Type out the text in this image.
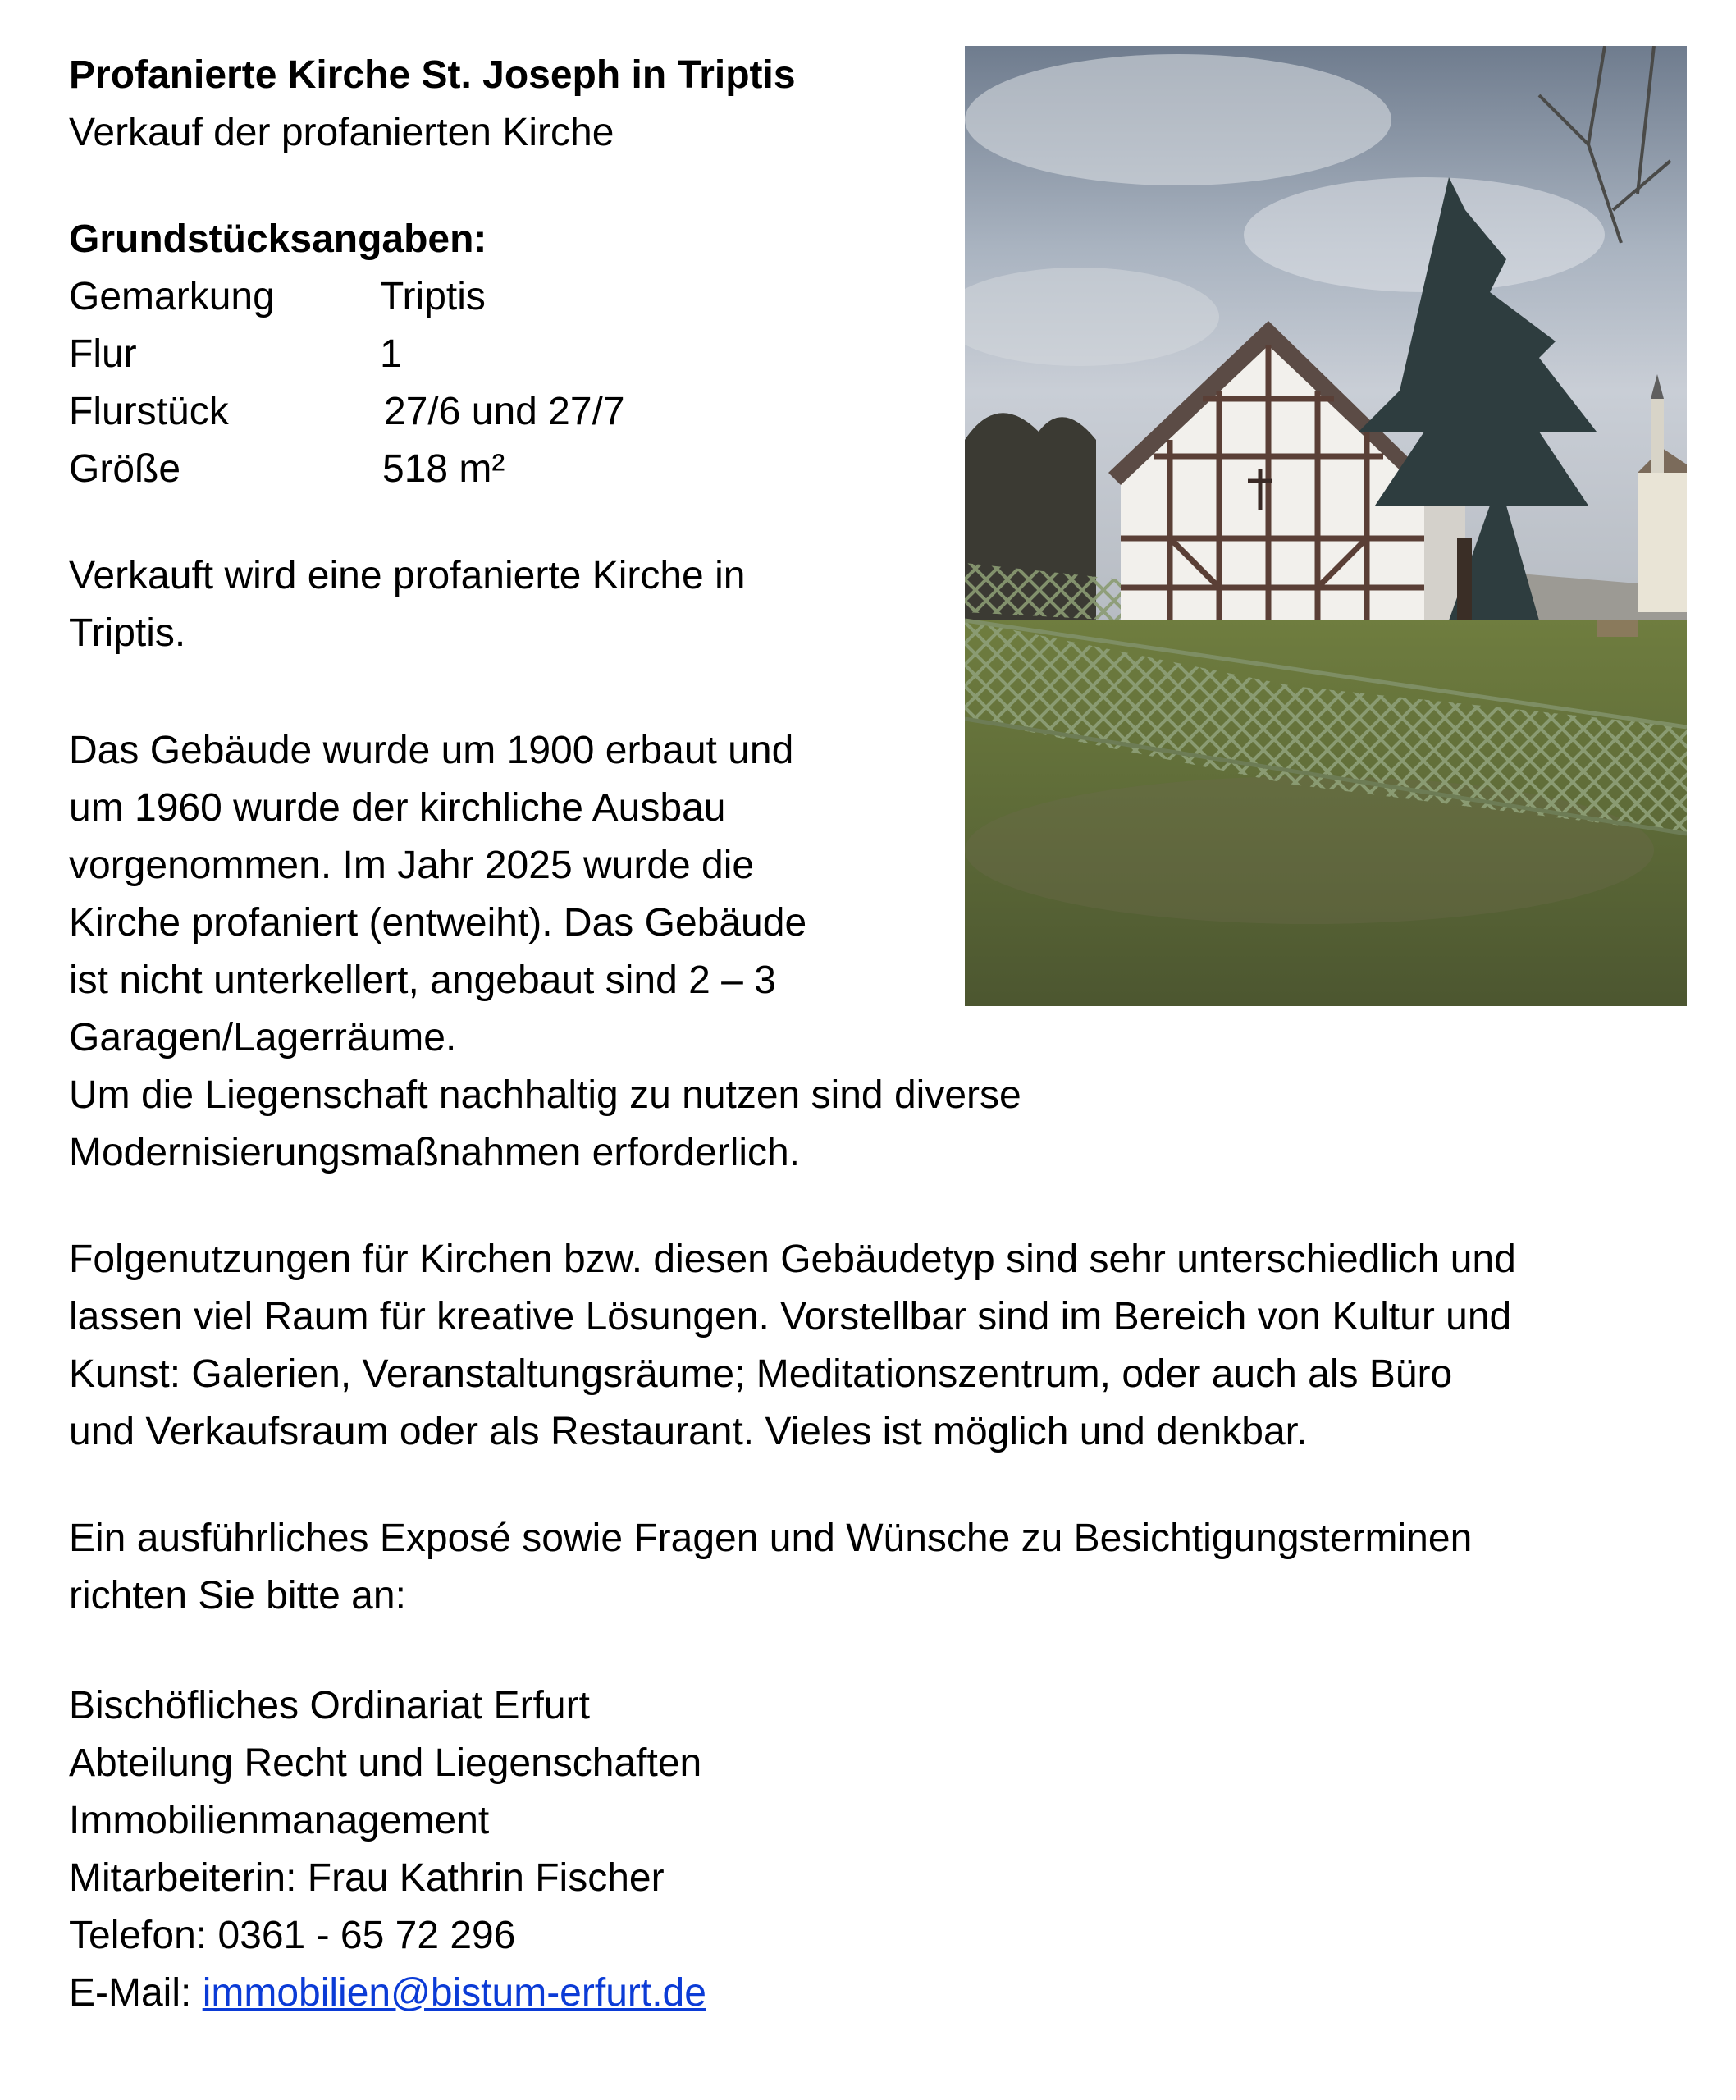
Profanierte Kirche St. Joseph in Triptis

Verkauf der profanierten Kirche

Grundstücksangaben:

Gemarkung	Triptis

Flur	1

Flurstück	27/6 und 27/7

Größe	518 m²

Verkauft wird eine profanierte Kirche in

Triptis.

Das Gebäude wurde um 1900 erbaut und

um 1960 wurde der kirchliche Ausbau

vorgenommen. Im Jahr 2025 wurde die

Kirche profaniert (entweiht). Das Gebäude

ist nicht unterkellert, angebaut sind 2 – 3

Garagen/Lagerräume.

Um die Liegenschaft nachhaltig zu nutzen sind diverse

Modernisierungsmaßnahmen erforderlich.

Folgenutzungen für Kirchen bzw. diesen Gebäudetyp sind sehr unterschiedlich und

lassen viel Raum für kreative Lösungen. Vorstellbar sind im Bereich von Kultur und

Kunst: Galerien, Veranstaltungsräume; Meditationszentrum, oder auch als Büro

und Verkaufsraum oder als Restaurant. Vieles ist möglich und denkbar.

Ein ausführliches Exposé sowie Fragen und Wünsche zu Besichtigungsterminen

richten Sie bitte an:

Bischöfliches Ordinariat Erfurt

Abteilung Recht und Liegenschaften

Immobilienmanagement

Mitarbeiterin: Frau Kathrin Fischer

Telefon: 0361 - 65 72 296

E-Mail: immobilien@bistum-erfurt.de
